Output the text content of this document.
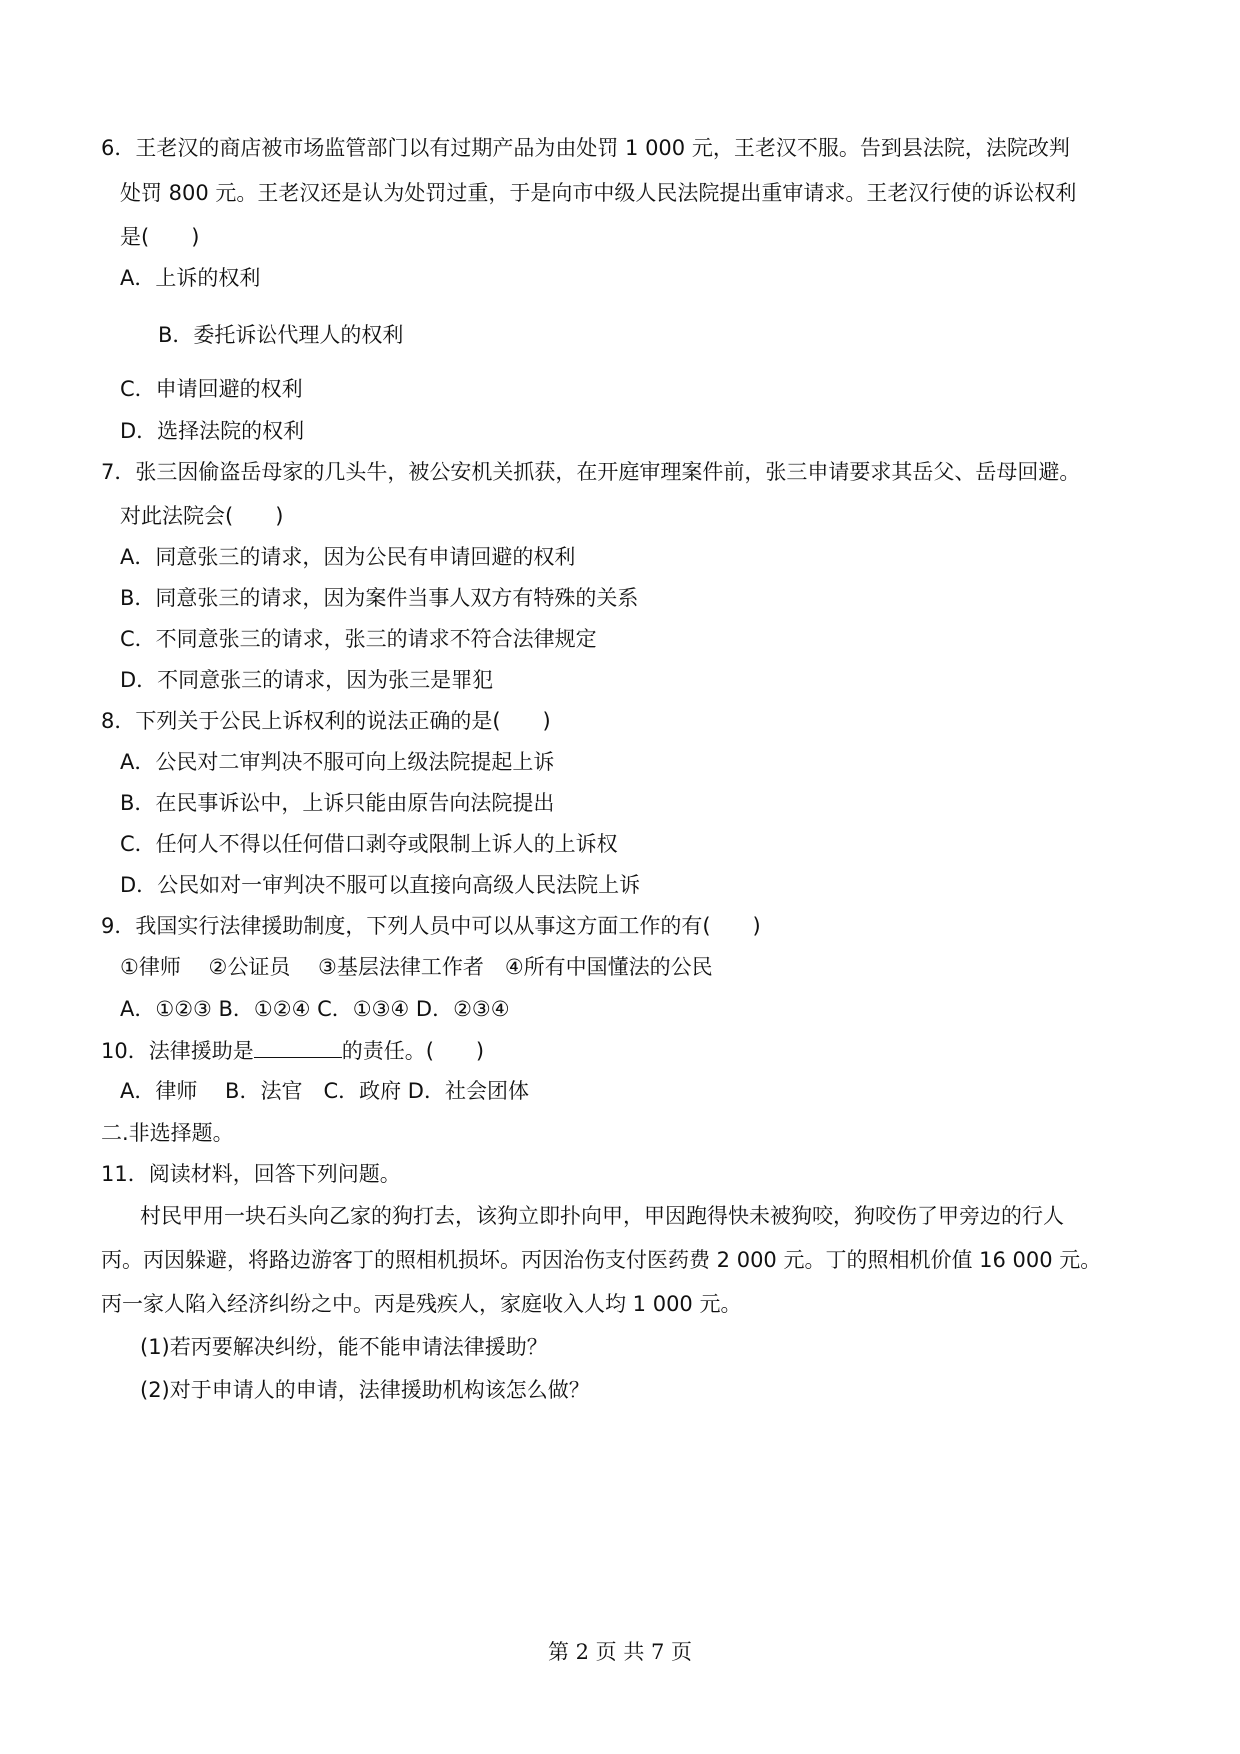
6．王老汉的商店被市场监管部门以有过期产品为由处罚 1 000 元，王老汉不服。告到县法院，法院改判
处罚 800 元。王老汉还是认为处罚过重，于是向市中级人民法院提出重审请求。王老汉行使的诉讼权利
是(　　)
A．上诉的权利
B．委托诉讼代理人的权利
C．申请回避的权利
D．选择法院的权利
7．张三因偷盗岳母家的几头牛，被公安机关抓获，在开庭审理案件前，张三申请要求其岳父、岳母回避。
对此法院会(　　)
A．同意张三的请求，因为公民有申请回避的权利
B．同意张三的请求，因为案件当事人双方有特殊的关系
C．不同意张三的请求，张三的请求不符合法律规定
D．不同意张三的请求，因为张三是罪犯
8．下列关于公民上诉权利的说法正确的是(　　)
A．公民对二审判决不服可向上级法院提起上诉
B．在民事诉讼中，上诉只能由原告向法院提出
C．任何人不得以任何借口剥夺或限制上诉人的上诉权
D．公民如对一审判决不服可以直接向高级人民法院上诉
9．我国实行法律援助制度，下列人员中可以从事这方面工作的有(　　)
①律师　 ②公证员　 ③基层法律工作者　④所有中国懂法的公民
A．①②③ B．①②④ C．①③④ D．②③④
10．法律援助是	的责任。(　　)
A．律师　 B．法官　C．政府 D．社会团体
二.非选择题。
11．阅读材料，回答下列问题。
村民甲用一块石头向乙家的狗打去，该狗立即扑向甲，甲因跑得快未被狗咬，狗咬伤了甲旁边的行人
丙。丙因躲避，将路边游客丁的照相机损坏。丙因治伤支付医药费 2 000 元。丁的照相机价值 16 000 元。
丙一家人陷入经济纠纷之中。丙是残疾人，家庭收入人均 1 000 元。
(1)若丙要解决纠纷，能不能申请法律援助？
(2)对于申请人的申请，法律援助机构该怎么做？
第 2 页 共 7 页
